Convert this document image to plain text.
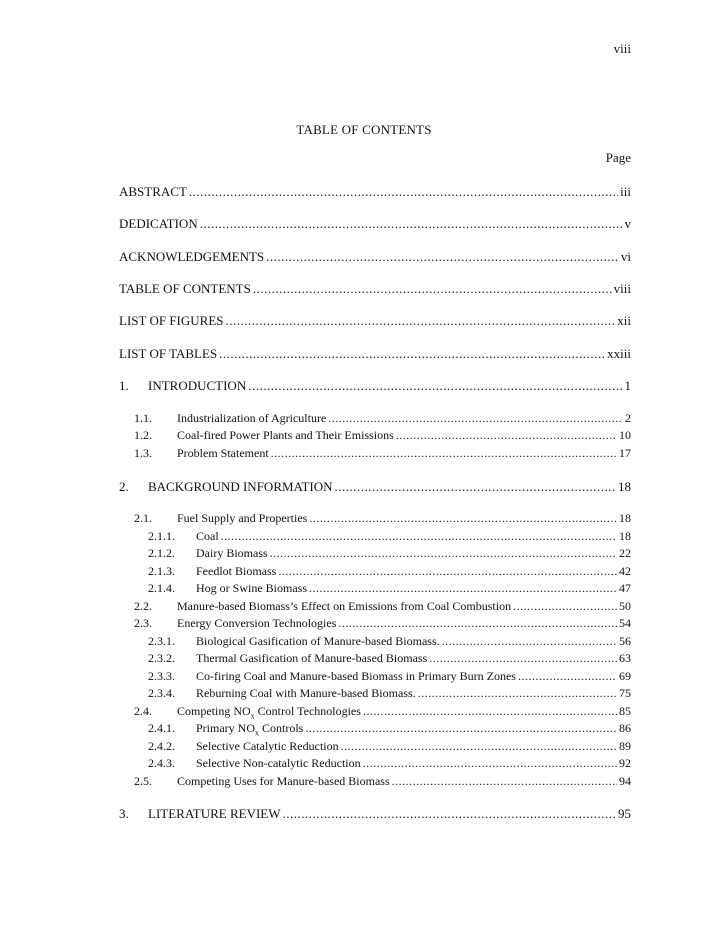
viii
TABLE OF CONTENTS
Page
ABSTRACT .....	iii
DEDICATION .....	v
ACKNOWLEDGEMENTS .....	vi
TABLE OF CONTENTS .....	viii
LIST OF FIGURES .....	xii
LIST OF TABLES .....	xxiii
1.	INTRODUCTION .....	1
1.1.	Industrialization of Agriculture .....	2
1.2.	Coal-fired Power Plants and Their Emissions .....	10
1.3.	Problem Statement .....	17
2.	BACKGROUND INFORMATION .....	18
2.1.	Fuel Supply and Properties .....	18
2.1.1.	Coal .....	18
2.1.2.	Dairy Biomass .....	22
2.1.3.	Feedlot Biomass .....	42
2.1.4.	Hog or Swine Biomass .....	47
2.2.	Manure-based Biomass’s Effect on Emissions from Coal Combustion .....	50
2.3.	Energy Conversion Technologies .....	54
2.3.1.	Biological Gasification of Manure-based Biomass. .....	56
2.3.2.	Thermal Gasification of Manure-based Biomass .....	63
2.3.3.	Co-firing Coal and Manure-based Biomass in Primary Burn Zones .....	69
2.3.4.	Reburning Coal with Manure-based Biomass. .....	75
2.4.	Competing $NO_x$ Control Technologies .....	85
2.4.1.	Primary $NO_x$ Controls .....	86
2.4.2.	Selective Catalytic Reduction .....	89
2.4.3.	Selective Non-catalytic Reduction .....	92
2.5.	Competing Uses for Manure-based Biomass .....	94
3.	LITERATURE REVIEW .....	95
